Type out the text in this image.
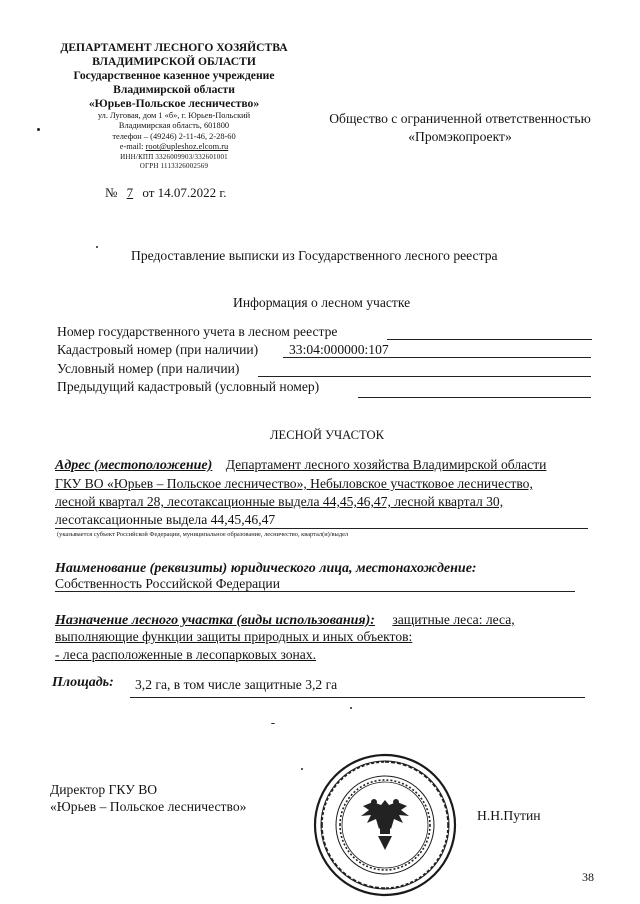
ДЕПАРТАМЕНТ ЛЕСНОГО ХОЗЯЙСТВА
ВЛАДИМИРСКОЙ ОБЛАСТИ
Государственное казенное учреждение
Владимирской области
«Юрьев-Польское лесничество»
ул. Луговая, дом 1 «б», г. Юрьев-Польский
Владимирская область, 601800
телефон – (49246) 2-11-46, 2-28-60
e-mail: root@upleshoz.elcom.ru
ИНН/КПП 3326009903/332601001
ОГРН 1113326002569
№ 7 от 14.07.2022 г.
Общество с ограниченной ответственностью
«Промэкопроект»
Предоставление выписки из Государственного лесного реестра
Информация о лесном участке
Номер государственного учета в лесном реестре
Кадастровый номер (при наличии) 33:04:000000:107
Условный номер (при наличии)
Предыдущий кадастровый (условный номер)
ЛЕСНОЙ УЧАСТОК
Адрес (местоположение) Департамент лесного хозяйства Владимирской области
ГКУ ВО «Юрьев – Польское лесничество», Небыловское участковое лесничество,
лесной квартал 28, лесотаксационные выдела 44,45,46,47, лесной квартал 30,
лесотаксационные выдела 44,45,46,47
(указывается субъект Российской Федерации, муниципальное образование, лесничество, квартал(и)/выдел
Наименование (реквизиты) юридического лица, местонахождение:
Собственность Российской Федерации
Назначение лесного участка (виды использования): защитные леса: леса,
выполняющие функции защиты природных и иных объектов:
- леса расположенные в лесопарковых зонах.
Площадь: 3,2 га, в том числе защитные 3,2 га
Директор ГКУ ВО
«Юрьев – Польское лесничество»
Н.Н.Путин
38
